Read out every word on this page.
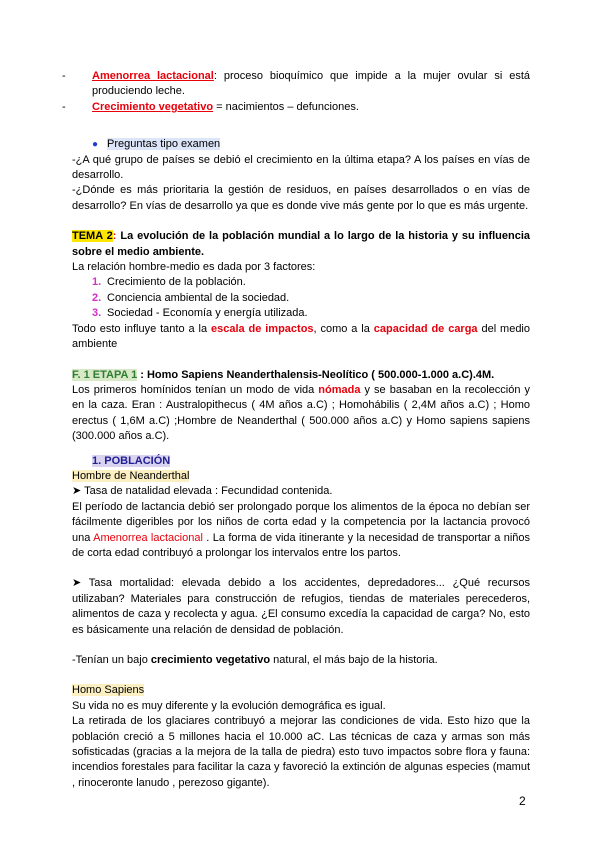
- Amenorrea lactacional: proceso bioquímico que impide a la mujer ovular si está produciendo leche.
- Crecimiento vegetativo = nacimientos – defunciones.
● Preguntas tipo examen

-¿A qué grupo de países se debió el crecimiento en la última etapa? A los países en vías de desarrollo.

-¿Dónde es más prioritaria la gestión de residuos, en países desarrollados o en vías de desarrollo? En vías de desarrollo ya que es donde vive más gente por lo que es más urgente.

TEMA 2: La evolución de la población mundial a lo largo de la historia y su influencia sobre el medio ambiente.

La relación hombre-medio es dada por 3 factores:

1. Crecimiento de la población.
2. Conciencia ambiental de la sociedad.
3. Sociedad - Economía y energía utilizada.

Todo esto influye tanto a la escala de impactos, como a la capacidad de carga del medio ambiente

F. 1 ETAPA 1 : Homo Sapiens Neanderthalensis-Neolítico ( 500.000-1.000 a.C).4M.

Los primeros homínidos tenían un modo de vida nómada y se basaban en la recolección y en la caza. Eran : Australopithecus ( 4M años a.C) ; Homohábilis ( 2,4M años a.C) ; Homo erectus ( 1,6M a.C) ;Hombre de Neanderthal ( 500.000 años a.C) y Homo sapiens sapiens (300.000 años a.C).

1. POBLACIÓN

Hombre de Neanderthal

➤ Tasa de natalidad elevada : Fecundidad contenida.

El período de lactancia debió ser prolongado porque los alimentos de la época no debían ser fácilmente digeribles por los niños de corta edad y la competencia por la lactancia provocó una Amenorrea lactacional . La forma de vida itinerante y la necesidad de transportar a niños de corta edad contribuyó a prolongar los intervalos entre los partos.

➤ Tasa mortalidad: elevada debido a los accidentes, depredadores... ¿Qué recursos utilizaban? Materiales para construcción de refugios, tiendas de materiales perecederos, alimentos de caza y recolecta y agua. ¿El consumo excedía la capacidad de carga? No, esto es básicamente una relación de densidad de población.

-Tenían un bajo crecimiento vegetativo natural, el más bajo de la historia.

Homo Sapiens

Su vida no es muy diferente y la evolución demográfica es igual.

La retirada de los glaciares contribuyó a mejorar las condiciones de vida. Esto hizo que la población creció a 5 millones hacia el 10.000 aC. Las técnicas de caza y armas son más sofisticadas (gracias a la mejora de la talla de piedra) esto tuvo impactos sobre flora y fauna: incendios forestales para facilitar la caza y favoreció la extinción de algunas especies (mamut , rinoceronte lanudo , perezoso gigante).

2
